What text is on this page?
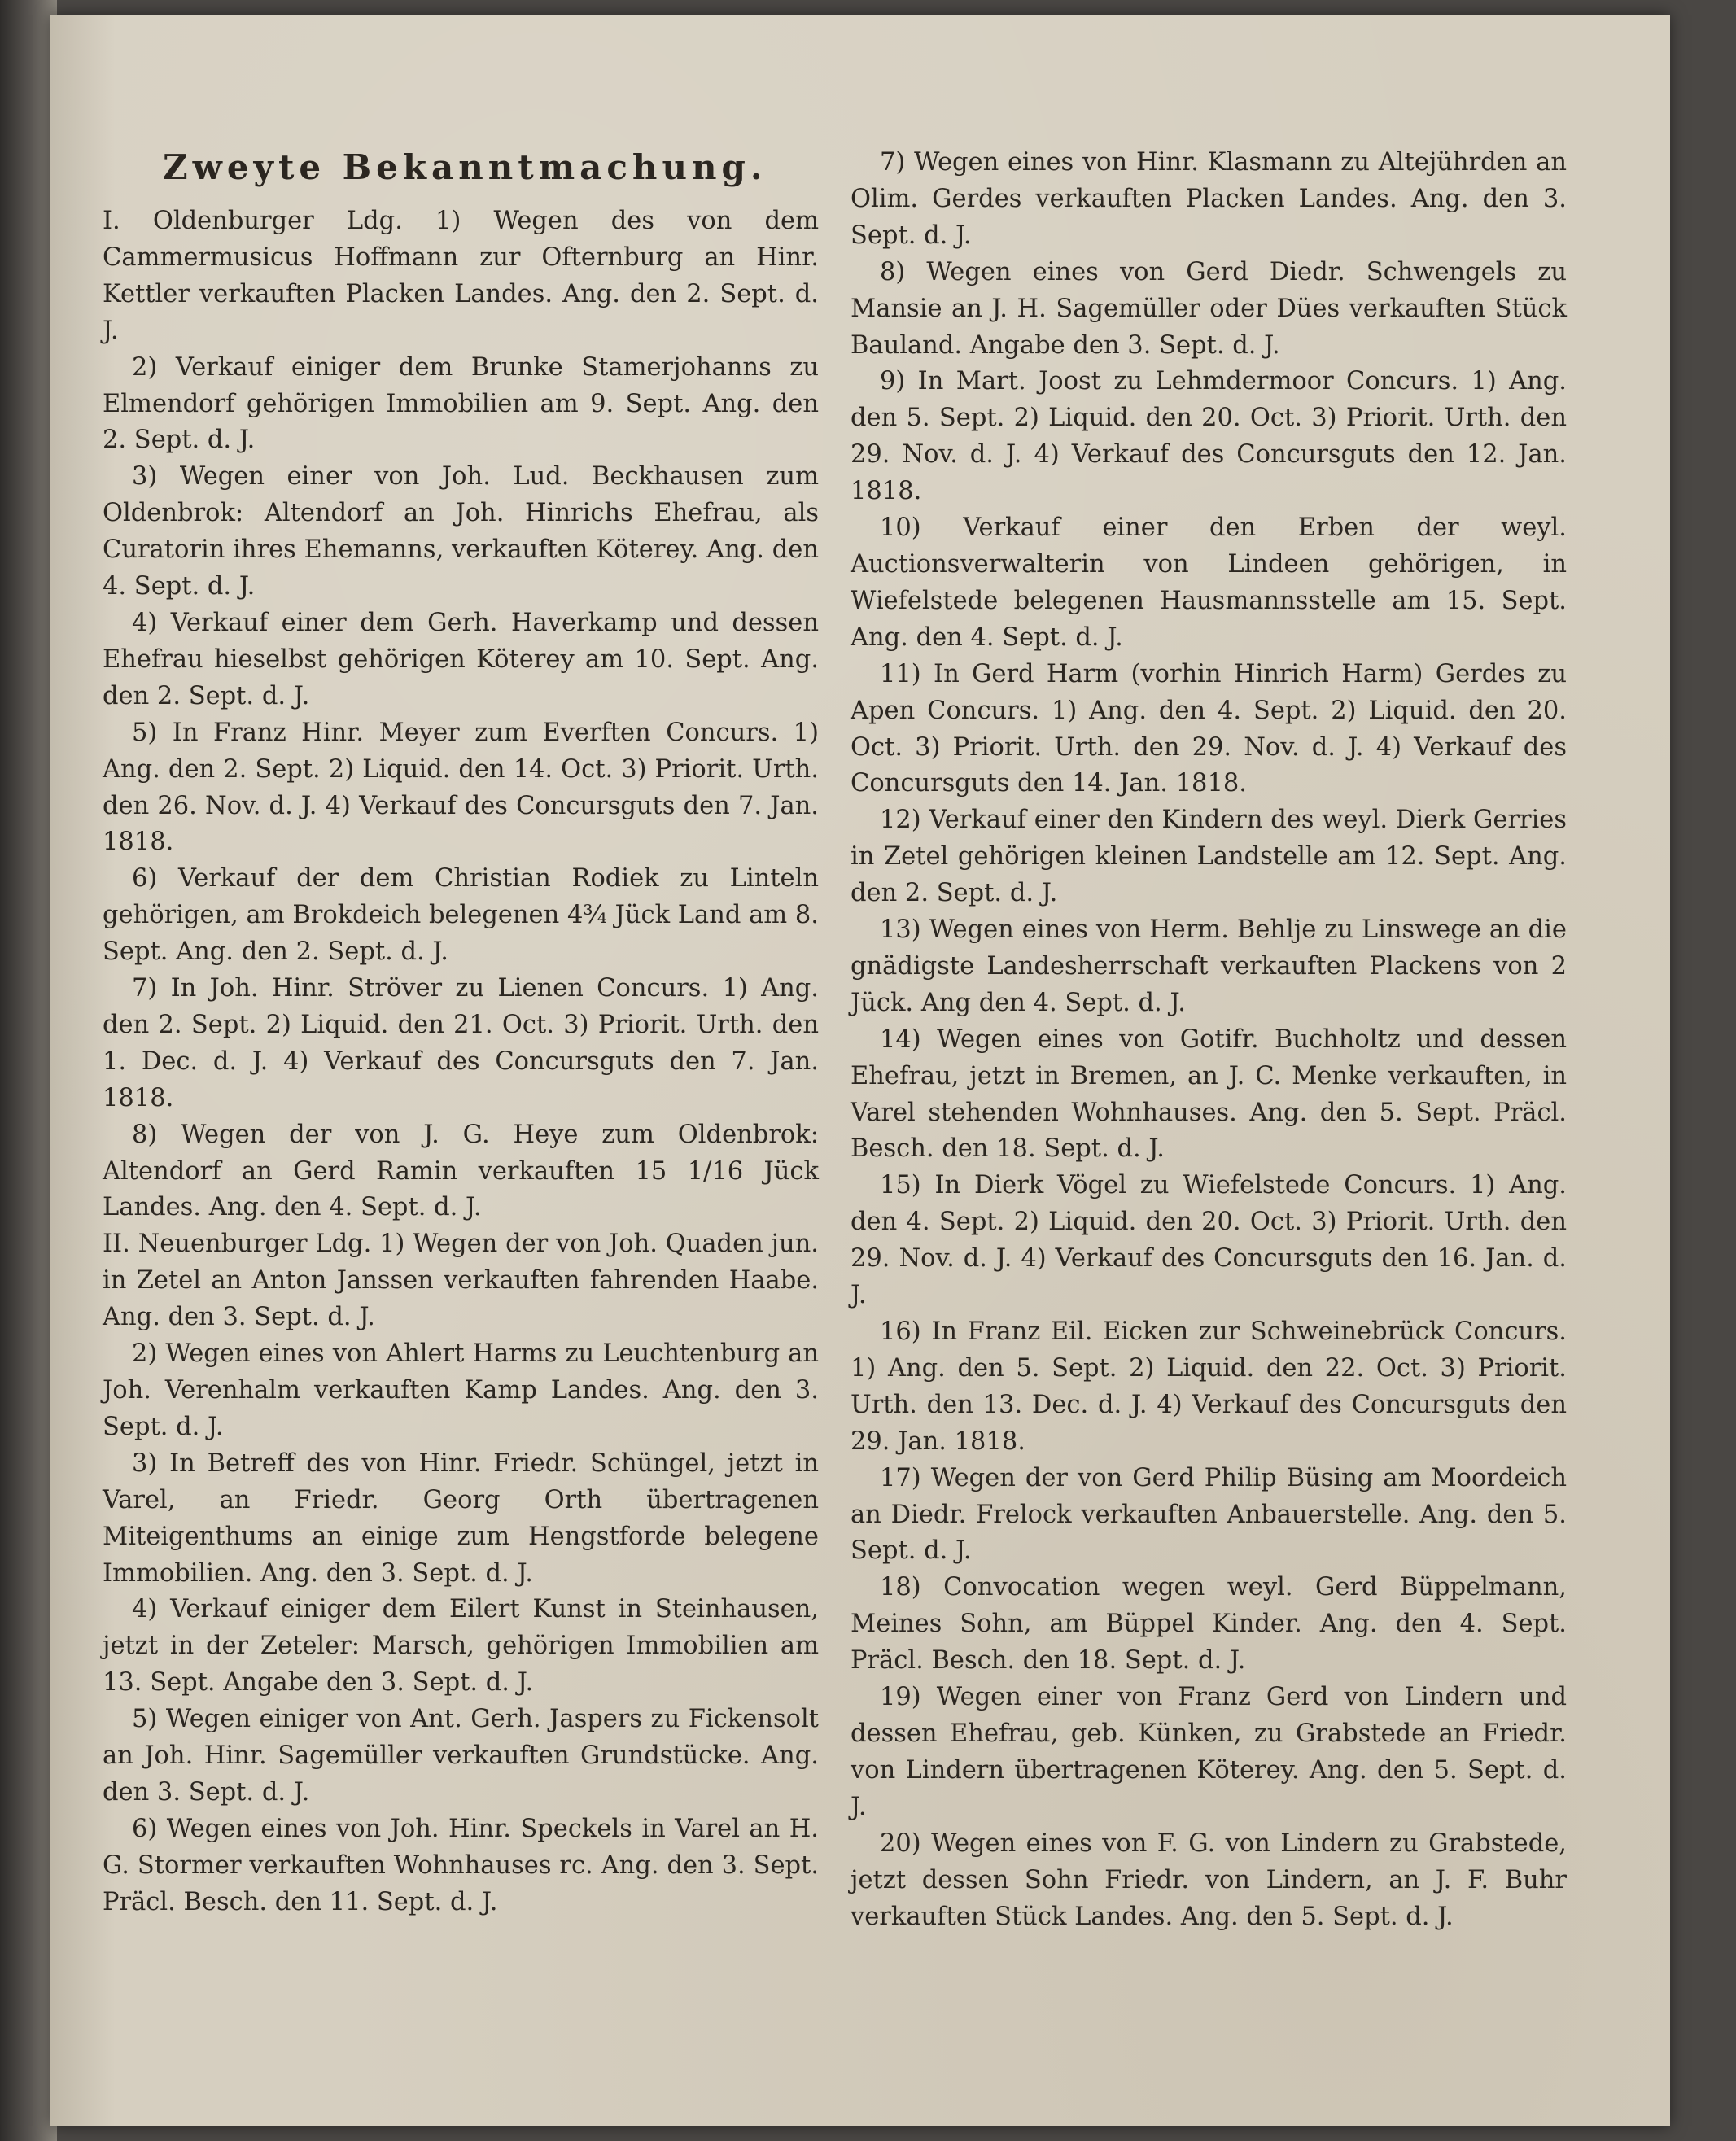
Zweyte Bekanntmachung.

I. Oldenburger Ldg. 1) Wegen des von dem Cammermusicus Hoffmann zur Ofternburg an Hinr. Kettler verkauften Placken Landes. Ang. den 2. Sept. d. J.

2) Verkauf einiger dem Brunke Stamerjohanns zu Elmendorf gehörigen Immobilien am 9. Sept. Ang. den 2. Sept. d. J.

3) Wegen einer von Joh. Lud. Beckhausen zum Oldenbrok: Altendorf an Joh. Hinrichs Ehefrau, als Curatorin ihres Ehemanns, verkauften Köterey. Ang. den 4. Sept. d. J.

4) Verkauf einer dem Gerh. Haverkamp und dessen Ehefrau hieselbst gehörigen Köterey am 10. Sept. Ang. den 2. Sept. d. J.

5) In Franz Hinr. Meyer zum Everften Concurs. 1) Ang. den 2. Sept. 2) Liquid. den 14. Oct. 3) Priorit. Urth. den 26. Nov. d. J. 4) Verkauf des Concursguts den 7. Jan. 1818.

6) Verkauf der dem Christian Rodiek zu Linteln gehörigen, am Brokdeich belegenen 4¾ Jück Land am 8. Sept. Ang. den 2. Sept. d. J.

7) In Joh. Hinr. Ströver zu Lienen Concurs. 1) Ang. den 2. Sept. 2) Liquid. den 21. Oct. 3) Priorit. Urth. den 1. Dec. d. J. 4) Verkauf des Concursguts den 7. Jan. 1818.

8) Wegen der von J. G. Heye zum Oldenbrok: Altendorf an Gerd Ramin verkauften 15 1/16 Jück Landes. Ang. den 4. Sept. d. J.

II. Neuenburger Ldg. 1) Wegen der von Joh. Quaden jun. in Zetel an Anton Janssen verkauften fahrenden Haabe. Ang. den 3. Sept. d. J.

2) Wegen eines von Ahlert Harms zu Leuchtenburg an Joh. Verenhalm verkauften Kamp Landes. Ang. den 3. Sept. d. J.

3) In Betreff des von Hinr. Friedr. Schüngel, jetzt in Varel, an Friedr. Georg Orth übertragenen Miteigenthums an einige zum Hengstforde belegene Immobilien. Ang. den 3. Sept. d. J.

4) Verkauf einiger dem Eilert Kunst in Steinhausen, jetzt in der Zeteler: Marsch, gehörigen Immobilien am 13. Sept. Angabe den 3. Sept. d. J.

5) Wegen einiger von Ant. Gerh. Jaspers zu Fickensolt an Joh. Hinr. Sagemüller verkauften Grundstücke. Ang. den 3. Sept. d. J.

6) Wegen eines von Joh. Hinr. Speckels in Varel an H. G. Stormer verkauften Wohnhauses rc. Ang. den 3. Sept. Präcl. Besch. den 11. Sept. d. J.

7) Wegen eines von Hinr. Klasmann zu Altejührden an Olim. Gerdes verkauften Placken Landes. Ang. den 3. Sept. d. J.

8) Wegen eines von Gerd Diedr. Schwengels zu Mansie an J. H. Sagemüller oder Dües verkauften Stück Bauland. Angabe den 3. Sept. d. J.

9) In Mart. Joost zu Lehmdermoor Concurs. 1) Ang. den 5. Sept. 2) Liquid. den 20. Oct. 3) Priorit. Urth. den 29. Nov. d. J. 4) Verkauf des Concursguts den 12. Jan. 1818.

10) Verkauf einer den Erben der weyl. Auctionsverwalterin von Lindeen gehörigen, in Wiefelstede belegenen Hausmannsstelle am 15. Sept. Ang. den 4. Sept. d. J.

11) In Gerd Harm (vorhin Hinrich Harm) Gerdes zu Apen Concurs. 1) Ang. den 4. Sept. 2) Liquid. den 20. Oct. 3) Priorit. Urth. den 29. Nov. d. J. 4) Verkauf des Concursguts den 14. Jan. 1818.

12) Verkauf einer den Kindern des weyl. Dierk Gerries in Zetel gehörigen kleinen Landstelle am 12. Sept. Ang. den 2. Sept. d. J.

13) Wegen eines von Herm. Behlje zu Linswege an die gnädigste Landesherrschaft verkauften Plackens von 2 Jück. Ang den 4. Sept. d. J.

14) Wegen eines von Gotifr. Buchholtz und dessen Ehefrau, jetzt in Bremen, an J. C. Menke verkauften, in Varel stehenden Wohnhauses. Ang. den 5. Sept. Präcl. Besch. den 18. Sept. d. J.

15) In Dierk Vögel zu Wiefelstede Concurs. 1) Ang. den 4. Sept. 2) Liquid. den 20. Oct. 3) Priorit. Urth. den 29. Nov. d. J. 4) Verkauf des Concursguts den 16. Jan. d. J.

16) In Franz Eil. Eicken zur Schweinebrück Concurs. 1) Ang. den 5. Sept. 2) Liquid. den 22. Oct. 3) Priorit. Urth. den 13. Dec. d. J. 4) Verkauf des Concursguts den 29. Jan. 1818.

17) Wegen der von Gerd Philip Büsing am Moordeich an Diedr. Frelock verkauften Anbauerstelle. Ang. den 5. Sept. d. J.

18) Convocation wegen weyl. Gerd Büppelmann, Meines Sohn, am Büppel Kinder. Ang. den 4. Sept. Präcl. Besch. den 18. Sept. d. J.

19) Wegen einer von Franz Gerd von Lindern und dessen Ehefrau, geb. Künken, zu Grabstede an Friedr. von Lindern übertragenen Köterey. Ang. den 5. Sept. d. J.

20) Wegen eines von F. G. von Lindern zu Grabstede, jetzt dessen Sohn Friedr. von Lindern, an J. F. Buhr verkauften Stück Landes. Ang. den 5. Sept. d. J.
